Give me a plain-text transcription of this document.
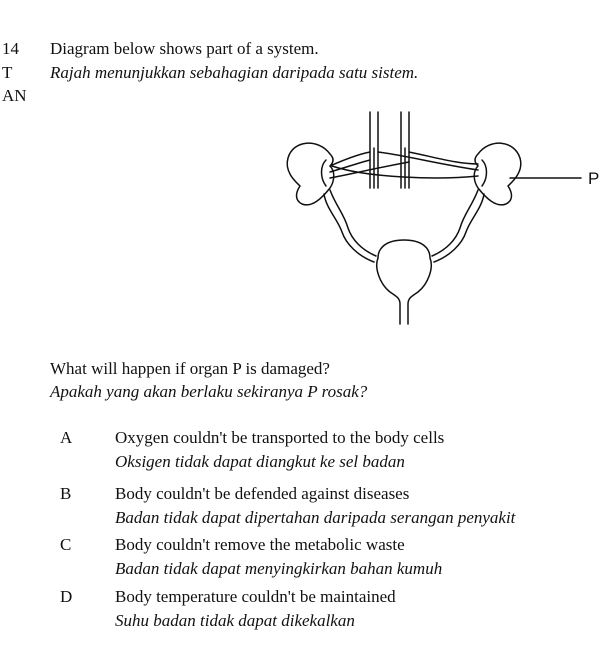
14
T
AN
Diagram below shows part of a system.
Rajah menunjukkan sebahagian daripada satu sistem.
P
What will happen if organ P is damaged?
Apakah yang akan berlaku sekiranya P rosak?
A	Oxygen couldn't be transported to the body cells
Oksigen tidak dapat diangkut ke sel badan
B	Body couldn't be defended against diseases
Badan tidak dapat dipertahan daripada serangan penyakit
C	Body couldn't remove the metabolic waste
Badan tidak dapat menyingkirkan bahan kumuh
D	Body temperature couldn't be maintained
Suhu badan tidak dapat dikekalkan
